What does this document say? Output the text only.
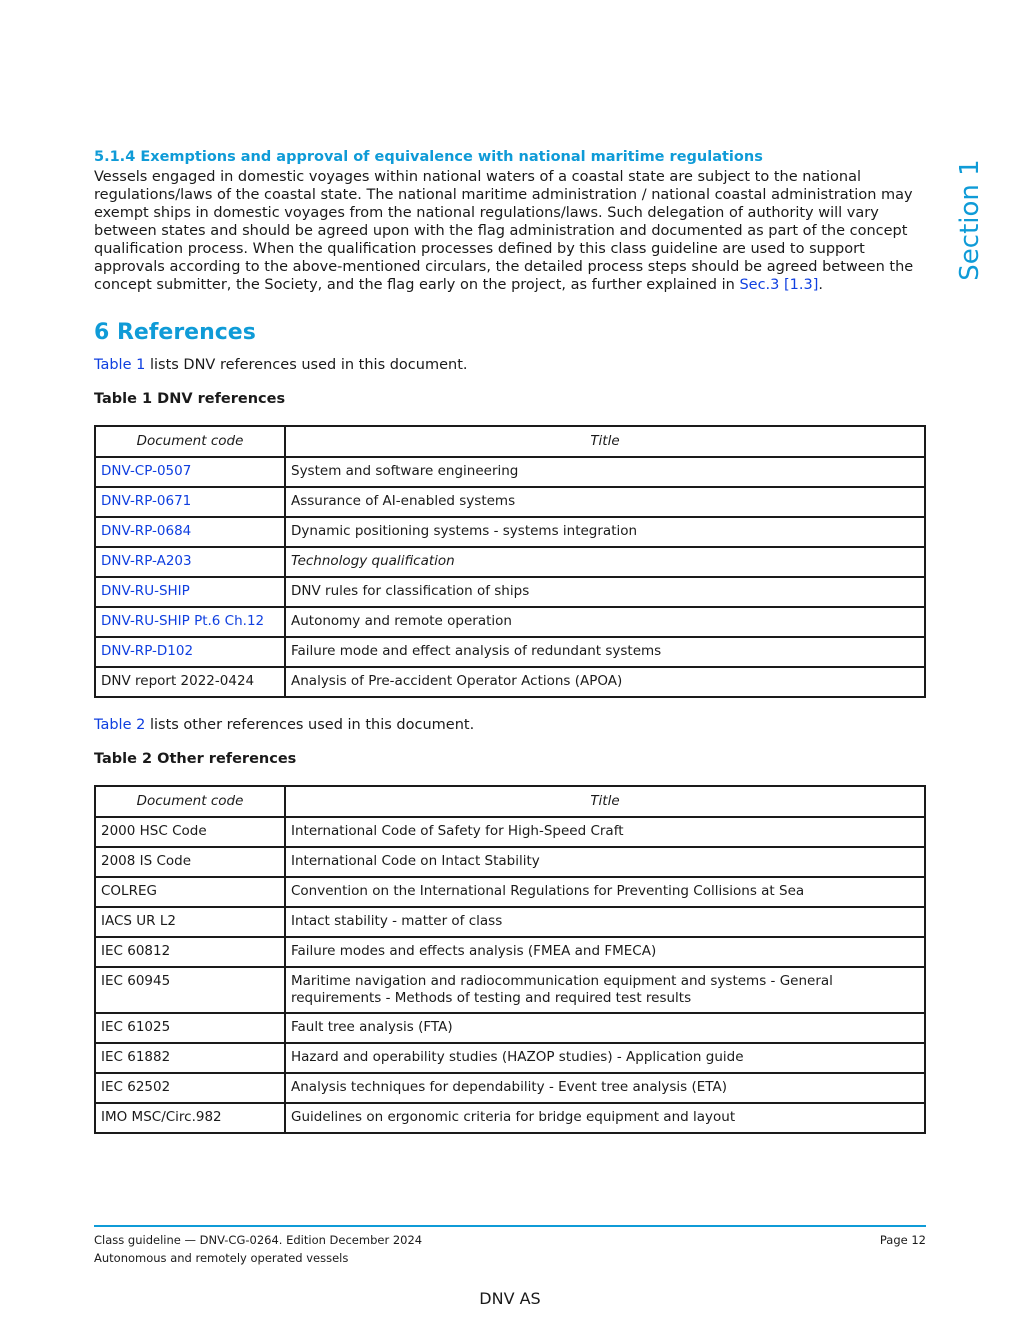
Section 1
5.1.4 Exemptions and approval of equivalence with national maritime regulations

Vessels engaged in domestic voyages within national waters of a coastal state are subject to the national regulations/laws of the coastal state. The national maritime administration / national coastal administration may exempt ships in domestic voyages from the national regulations/laws. Such delegation of authority will vary between states and should be agreed upon with the flag administration and documented as part of the concept qualification process. When the qualification processes defined by this class guideline are used to support approvals according to the above-mentioned circulars, the detailed process steps should be agreed between the concept submitter, the Society, and the flag early on the project, as further explained in Sec.3 [1.3].

6 References

Table 1 lists DNV references used in this document.

Table 1 DNV references
Document code	Title
DNV-CP-0507	System and software engineering
DNV-RP-0671	Assurance of AI-enabled systems
DNV-RP-0684	Dynamic positioning systems - systems integration
DNV-RP-A203	Technology qualification
DNV-RU-SHIP	DNV rules for classification of ships
DNV-RU-SHIP Pt.6 Ch.12	Autonomy and remote operation
DNV-RP-D102	Failure mode and effect analysis of redundant systems
DNV report 2022-0424	Analysis of Pre-accident Operator Actions (APOA)

Table 2 lists other references used in this document.

Table 2 Other references
Document code	Title
2000 HSC Code	International Code of Safety for High-Speed Craft
2008 IS Code	International Code on Intact Stability
COLREG	Convention on the International Regulations for Preventing Collisions at Sea
IACS UR L2	Intact stability - matter of class
IEC 60812	Failure modes and effects analysis (FMEA and FMECA)
IEC 60945	Maritime navigation and radiocommunication equipment and systems - General requirements - Methods of testing and required test results
IEC 61025	Fault tree analysis (FTA)
IEC 61882	Hazard and operability studies (HAZOP studies) - Application guide
IEC 62502	Analysis techniques for dependability - Event tree analysis (ETA)
IMO MSC/Circ.982	Guidelines on ergonomic criteria for bridge equipment and layout
Class guideline — DNV-CG-0264. Edition December 2024
Autonomous and remotely operated vessels
Page 12
DNV AS
